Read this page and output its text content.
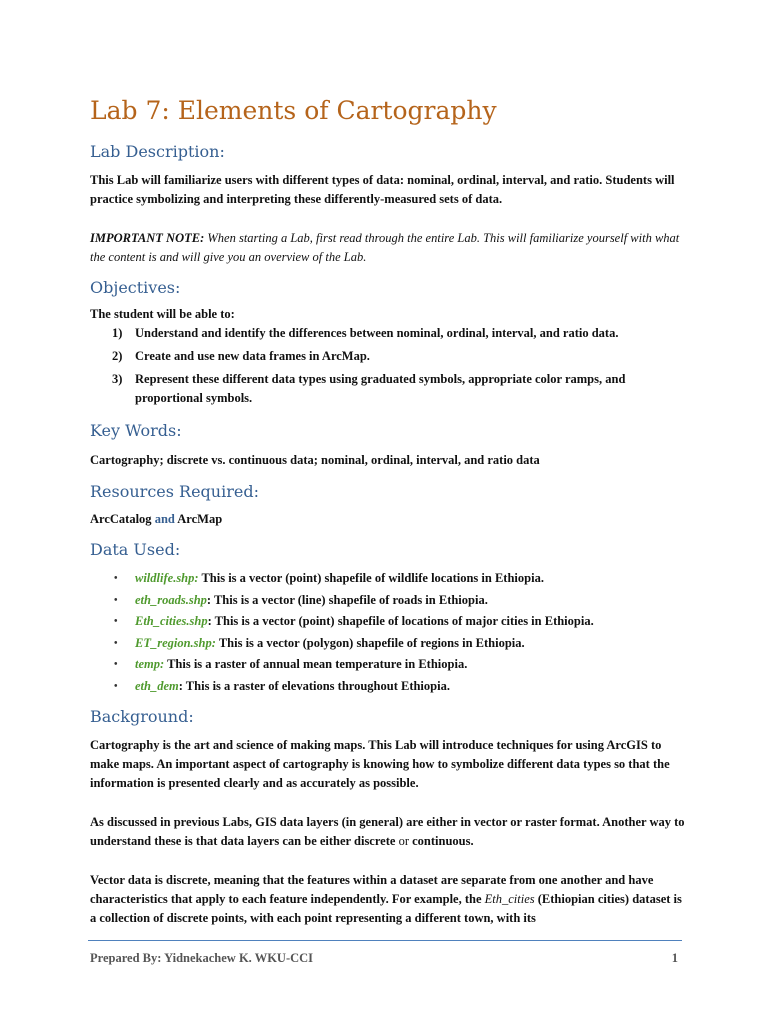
Lab 7: Elements of Cartography
Lab Description:

This Lab will familiarize users with different types of data: nominal, ordinal, interval, and ratio. Students will practice symbolizing and interpreting these differently-measured sets of data.

IMPORTANT NOTE: When starting a Lab, first read through the entire Lab. This will familiarize yourself with what the content is and will give you an overview of the Lab.

Objectives:

The student will be able to:

1) Understand and identify the differences between nominal, ordinal, interval, and ratio data.
2) Create and use new data frames in ArcMap.
3) Represent these different data types using graduated symbols, appropriate color ramps, and proportional symbols.
Key Words:

Cartography; discrete vs. continuous data; nominal, ordinal, interval, and ratio data

Resources Required:

ArcCatalog and ArcMap

Data Used:
• wildlife.shp: This is a vector (point) shapefile of wildlife locations in Ethiopia.
• eth_roads.shp: This is a vector (line) shapefile of roads in Ethiopia.
• Eth_cities.shp: This is a vector (point) shapefile of locations of major cities in Ethiopia.
• ET_region.shp: This is a vector (polygon) shapefile of regions in Ethiopia.
• temp: This is a raster of annual mean temperature in Ethiopia.
• eth_dem: This is a raster of elevations throughout Ethiopia.
Background:

Cartography is the art and science of making maps. This Lab will introduce techniques for using ArcGIS to make maps. An important aspect of cartography is knowing how to symbolize different data types so that the information is presented clearly and as accurately as possible.

As discussed in previous Labs, GIS data layers (in general) are either in vector or raster format. Another way to understand these is that data layers can be either discrete or continuous.

Vector data is discrete, meaning that the features within a dataset are separate from one another and have characteristics that apply to each feature independently. For example, the Eth_cities (Ethiopian cities) dataset is a collection of discrete points, with each point representing a different town, with its

Prepared By: Yidnekachew K. WKU-CCI	1
